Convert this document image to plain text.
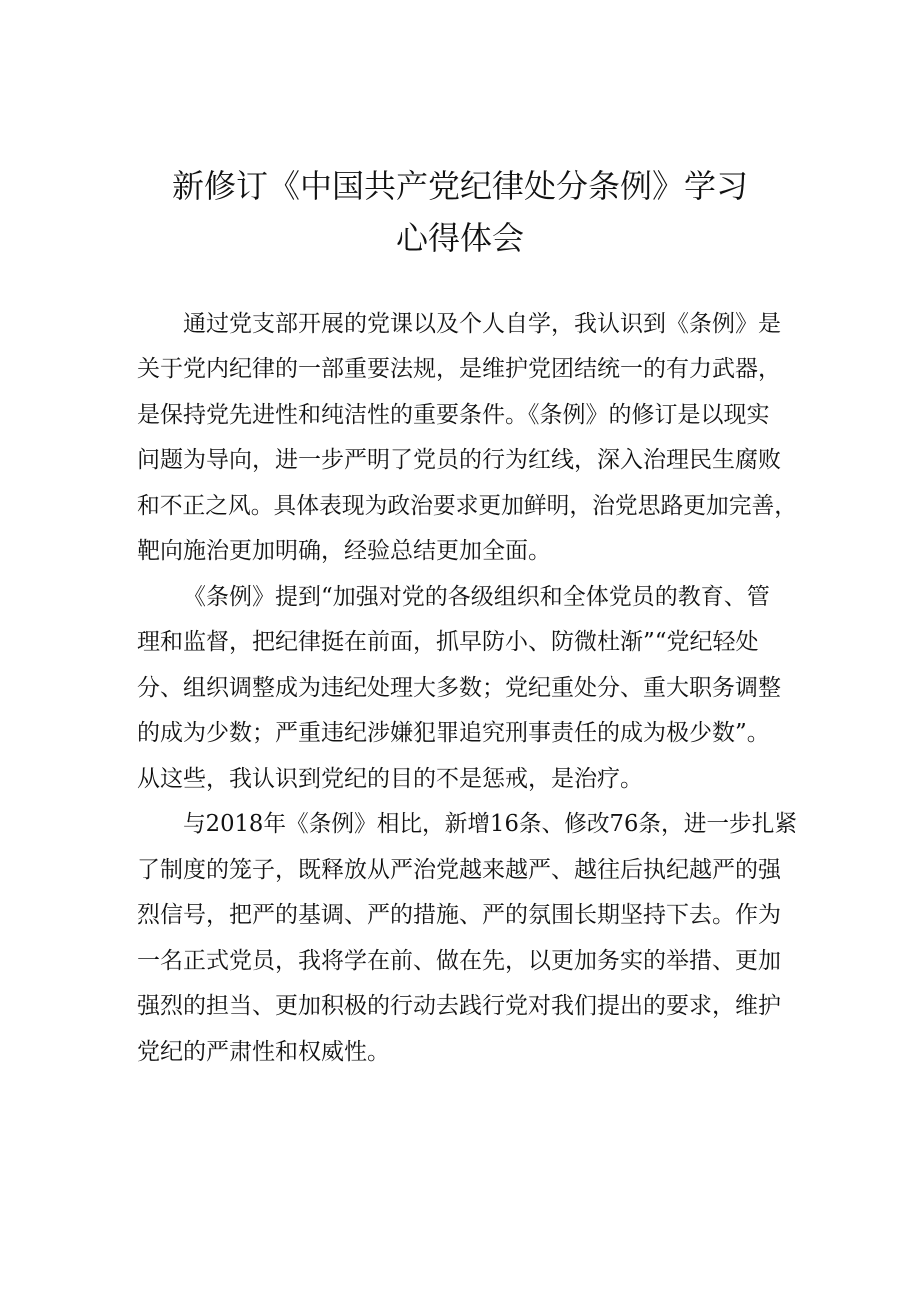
新修订《中国共产党纪律处分条例》学习
心得体会
通过党支部开展的党课以及个人自学，我认识到《条例》是
关于党内纪律的一部重要法规，是维护党团结统一的有力武器，
是保持党先进性和纯洁性的重要条件。《条例》的修订是以现实
问题为导向，进一步严明了党员的行为红线，深入治理民生腐败
和不正之风。具体表现为政治要求更加鲜明，治党思路更加完善，
靶向施治更加明确，经验总结更加全面。
《条例》提到“加强对党的各级组织和全体党员的教育、管
理和监督，把纪律挺在前面，抓早防小、防微杜渐”“党纪轻处
分、组织调整成为违纪处理大多数；党纪重处分、重大职务调整
的成为少数；严重违纪涉嫌犯罪追究刑事责任的成为极少数”。
从这些，我认识到党纪的目的不是惩戒，是治疗。
与2018年《条例》相比，新增16条、修改76条，进一步扎紧
了制度的笼子，既释放从严治党越来越严、越往后执纪越严的强
烈信号，把严的基调、严的措施、严的氛围长期坚持下去。作为
一名正式党员，我将学在前、做在先，以更加务实的举措、更加
强烈的担当、更加积极的行动去践行党对我们提出的要求，维护
党纪的严肃性和权威性。
